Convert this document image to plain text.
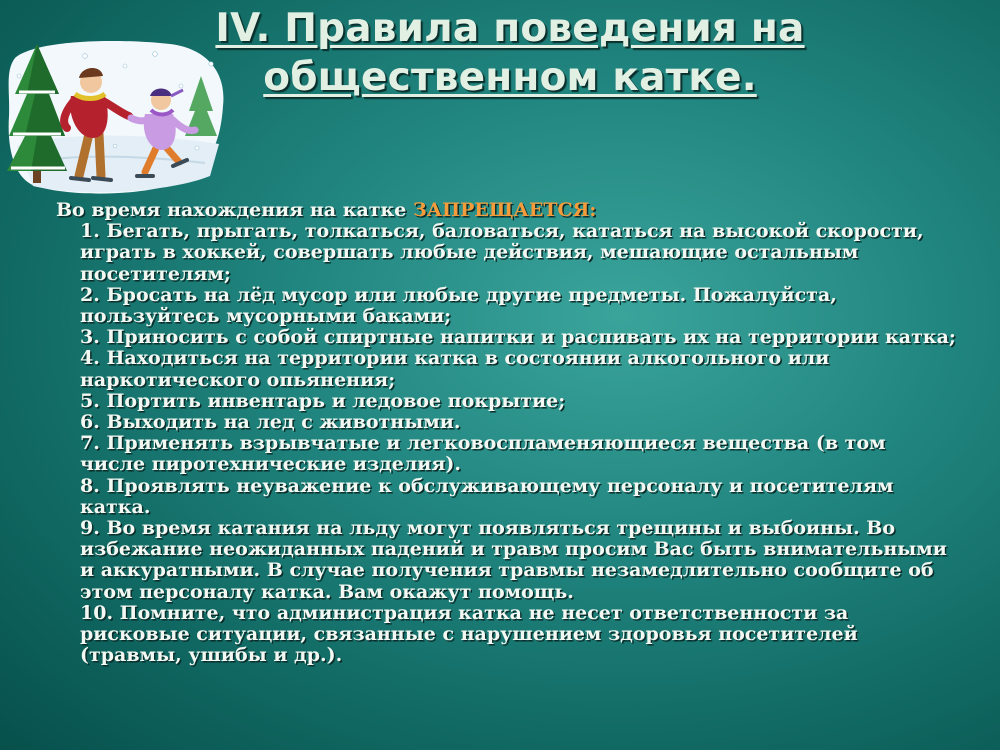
IV. Правила поведения на
общественном катке.

Во время нахождения на катке ЗАПРЕЩАЕТСЯ:

1. Бегать, прыгать, толкаться, баловаться, кататься на высокой скорости, играть в хоккей, совершать любые действия, мешающие остальным посетителям;
2. Бросать на лёд мусор или любые другие предметы. Пожалуйста, пользуйтесь мусорными баками;
3. Приносить с собой спиртные напитки и распивать их на территории катка;
4. Находиться на территории катка в состоянии алкогольного или наркотического опьянения;
5. Портить инвентарь и ледовое покрытие;
6. Выходить на лед с животными.
7. Применять взрывчатые и легковоспламеняющиеся вещества (в том числе пиротехнические изделия).
8. Проявлять неуважение к обслуживающему персоналу и посетителям катка.
9. Во время катания на льду могут появляться трещины и выбоины. Во избежание неожиданных падений и травм просим Вас быть внимательными и аккуратными. В случае получения травмы незамедлительно сообщите об этом персоналу катка. Вам окажут помощь.
10. Помните, что администрация катка не несет ответственности за рисковые ситуации, связанные с нарушением здоровья посетителей (травмы, ушибы и др.).
